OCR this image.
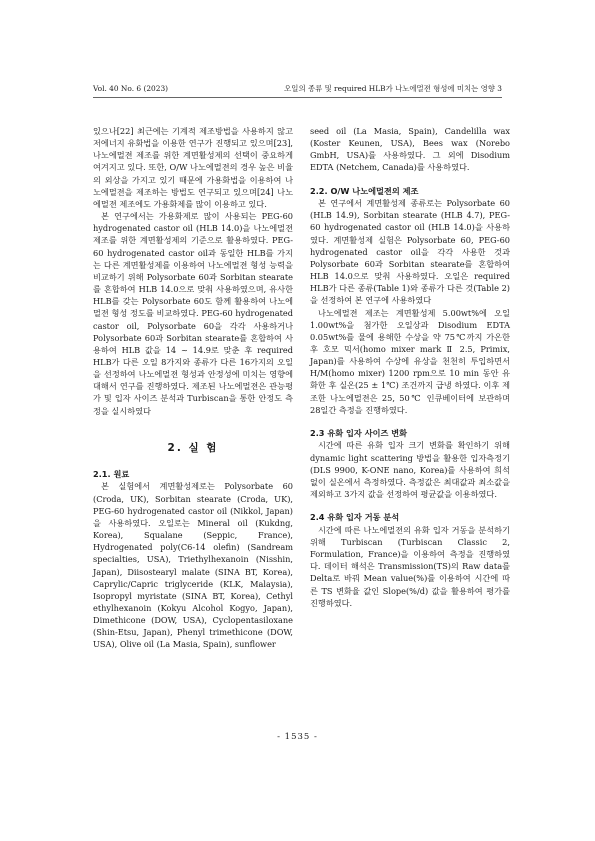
Vol. 40 No. 6 (2023)	오일의 종류 및 required HLB가 나노에멀젼 형성에 미치는 영향 3

있으나[22] 최근에는 기계적 제조방법을 사용하지 않고 저에너지 유화법을 이용한 연구가 진행되고 있으며[23], 나노에멀젼 제조를 위한 계면활성제의 선택이 중요하게 여겨지고 있다. 또한, O/W 나노에멀젼의 경우 높은 비율의 외상을 가지고 있기 때문에 가용화법을 이용하여 나노에멀젼을 제조하는 방법도 연구되고 있으며[24] 나노에멀젼 제조에도 가용화제를 많이 이용하고 있다.

본 연구에서는 가용화제로 많이 사용되는 PEG-60 hydrogenated castor oil (HLB 14.0)을 나노에멀젼 제조를 위한 계면활성제의 기준으로 활용하였다. PEG-60 hydrogenated castor oil과 동일한 HLB를 가지는 다른 계면활성제를 이용하여 나노에멀젼 형성 능력을 비교하기 위해 Polysorbate 60과 Sorbitan stearate를 혼합하여 HLB 14.0으로 맞춰 사용하였으며, 유사한 HLB를 갖는 Polysorbate 60도 함께 활용하여 나노에멀젼 형성 정도를 비교하였다. PEG-60 hydrogenated castor oil, Polysorbate 60을 각각 사용하거나 Polysorbate 60과 Sorbitan stearate를 혼합하여 사용하여 HLB 값을 14 ~ 14.9로 맞춘 후 required HLB가 다른 오일 8가지와 종류가 다른 16가지의 오일을 선정하여 나노에멀젼 형성과 안정성에 미치는 영향에 대해서 연구를 진행하였다. 제조된 나노에멀젼은 관능평가 및 입자 사이즈 분석과 Turbiscan을 통한 안정도 측정을 실시하였다

2. 실 험
2.1. 원료

본 실험에서 계면활성제로는 Polysorbate 60 (Croda, UK), Sorbitan stearate (Croda, UK), PEG-60 hydrogenated castor oil (Nikkol, Japan)을 사용하였다. 오일로는 Mineral oil (Kukdng, Korea), Squalane (Seppic, France), Hydrogenated poly(C6-14 olefin) (Sandream specialties, USA), Triethylhexanoin (Nisshin, Japan), Diisostearyl malate (SINA BT, Korea), Caprylic/Capric triglyceride (KLK, Malaysia), Isopropyl myristate (SINA BT, Korea), Cethyl ethylhexanoin (Kokyu Alcohol Kogyo, Japan), Dimethicone (DOW, USA), Cyclopentasiloxane (Shin-Etsu, Japan), Phenyl trimethicone (DOW, USA), Olive oil (La Masia, Spain), sunflower

seed oil (La Masia, Spain), Candelilla wax (Koster Keunen, USA), Bees wax (Norebo GmbH, USA)를 사용하였다. 그 외에 Disodium EDTA (Netchem, Canada)를 사용하였다.

2.2. O/W 나노에멀젼의 제조

본 연구에서 계면활성제 종류로는 Polysorbate 60 (HLB 14.9), Sorbitan stearate (HLB 4.7), PEG-60 hydrogenated castor oil (HLB 14.0)을 사용하였다. 계면활성제 실험은 Polysorbate 60, PEG-60 hydrogenated castor oil을 각각 사용한 것과 Polysorbate 60과 Sorbitan stearate를 혼합하여 HLB 14.0으로 맞춰 사용하였다. 오일은 required HLB가 다른 종류(Table 1)와 종류가 다른 것(Table 2)을 선정하여 본 연구에 사용하였다

나노에멀젼 제조는 계면활성제 5.00wt%에 오일 1.00wt%을 첨가한 오일상과 Disodium EDTA 0.05wt%를 물에 용해한 수상을 약 75℃까지 가온한 후 호모 믹서(homo mixer mark Ⅱ 2.5, Primix, Japan)를 사용하여 수상에 유상을 천천히 투입하면서 H/M(homo mixer) 1200 rpm으로 10 min 동안 유화한 후 실온(25 ± 1℃) 조건까지 급냉 하였다. 이후 제조한 나노에멀젼은 25, 50℃ 인큐베이터에 보관하며 28일간 측정을 진행하였다.

2.3 유화 입자 사이즈 변화

시간에 따른 유화 입자 크기 변화를 확인하기 위해 dynamic light scattering 방법을 활용한 입자측정기 (DLS 9900, K-ONE nano, Korea)를 사용하여 희석 없이 실온에서 측정하였다. 측정값은 최대값과 최소값을 제외하고 3가지 값을 선정하여 평균값을 이용하였다.

2.4 유화 입자 거동 분석

시간에 따른 나노에멀젼의 유화 입자 거동을 분석하기 위해 Turbiscan (Turbiscan Classic 2, Formulation, France)을 이용하여 측정을 진행하였다. 데이터 해석은 Transmission(TS)의 Raw data를 Delta로 바꿔 Mean value(%)를 이용하여 시간에 따른 TS 변화율 값인 Slope(%/d) 값을 활용하여 평가를 진행하였다.

- 1535 -
